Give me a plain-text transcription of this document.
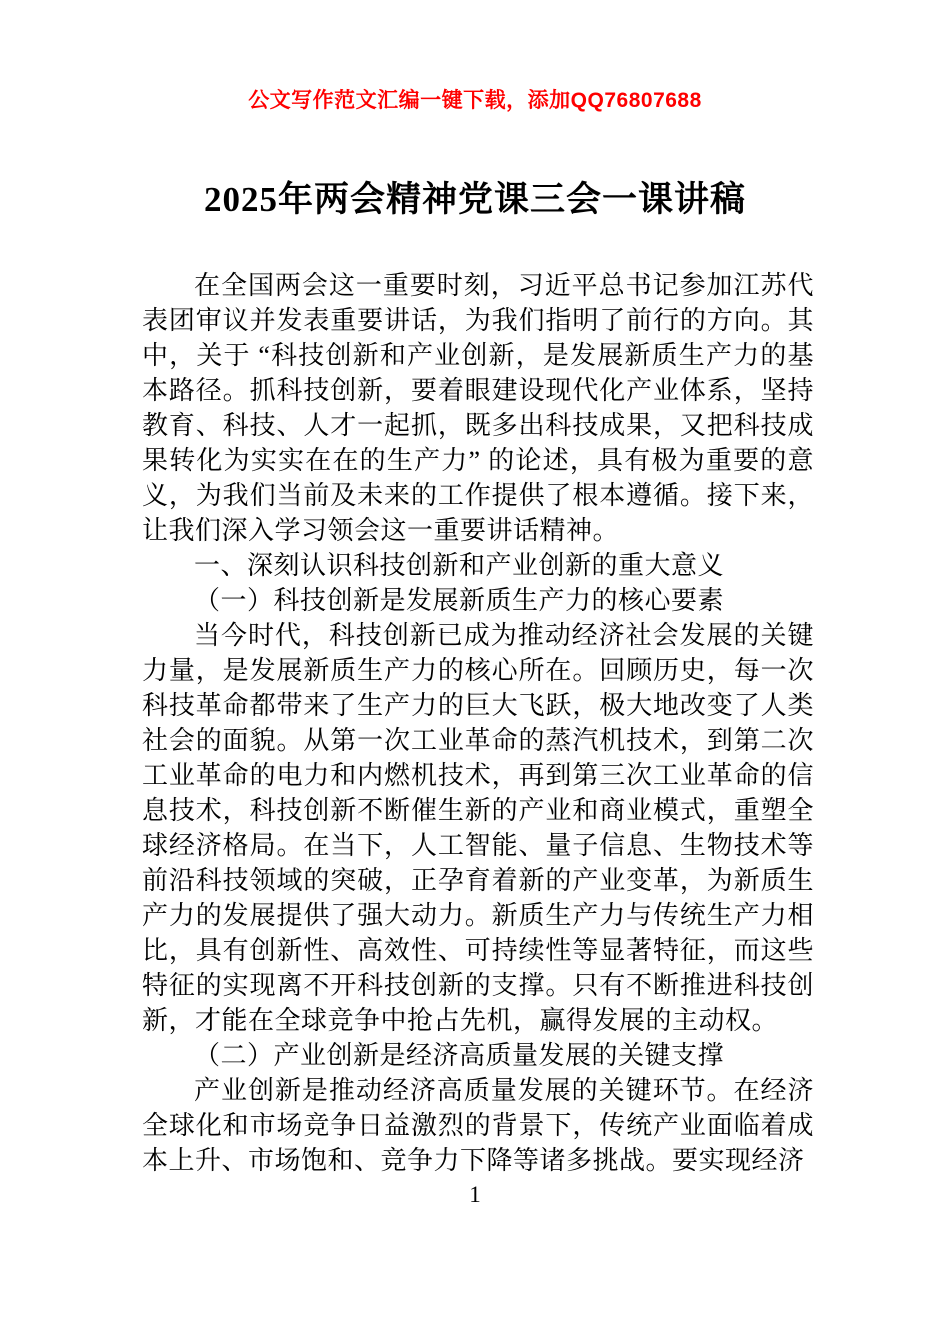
公文写作范文汇编一键下载，添加QQ76807688
2025年两会精神党课三会一课讲稿

在全国两会这一重要时刻，习近平总书记参加江苏代表团审议并发表重要讲话，为我们指明了前行的方向。其中，关于 “科技创新和产业创新，是发展新质生产力的基本路径。抓科技创新，要着眼建设现代化产业体系，坚持教育、科技、人才一起抓，既多出科技成果，又把科技成果转化为实实在在的生产力” 的论述，具有极为重要的意义，为我们当前及未来的工作提供了根本遵循。接下来，让我们深入学习领会这一重要讲话精神。

一、深刻认识科技创新和产业创新的重大意义

（一）科技创新是发展新质生产力的核心要素

当今时代，科技创新已成为推动经济社会发展的关键力量，是发展新质生产力的核心所在。回顾历史，每一次科技革命都带来了生产力的巨大飞跃，极大地改变了人类社会的面貌。从第一次工业革命的蒸汽机技术，到第二次工业革命的电力和内燃机技术，再到第三次工业革命的信息技术，科技创新不断催生新的产业和商业模式，重塑全球经济格局。在当下，人工智能、量子信息、生物技术等前沿科技领域的突破，正孕育着新的产业变革，为新质生产力的发展提供了强大动力。新质生产力与传统生产力相比，具有创新性、高效性、可持续性等显著特征，而这些特征的实现离不开科技创新的支撑。只有不断推进科技创新，才能在全球竞争中抢占先机，赢得发展的主动权。

（二）产业创新是经济高质量发展的关键支撑

产业创新是推动经济高质量发展的关键环节。在经济全球化和市场竞争日益激烈的背景下，传统产业面临着成本上升、市场饱和、竞争力下降等诸多挑战。要实现经济

1
